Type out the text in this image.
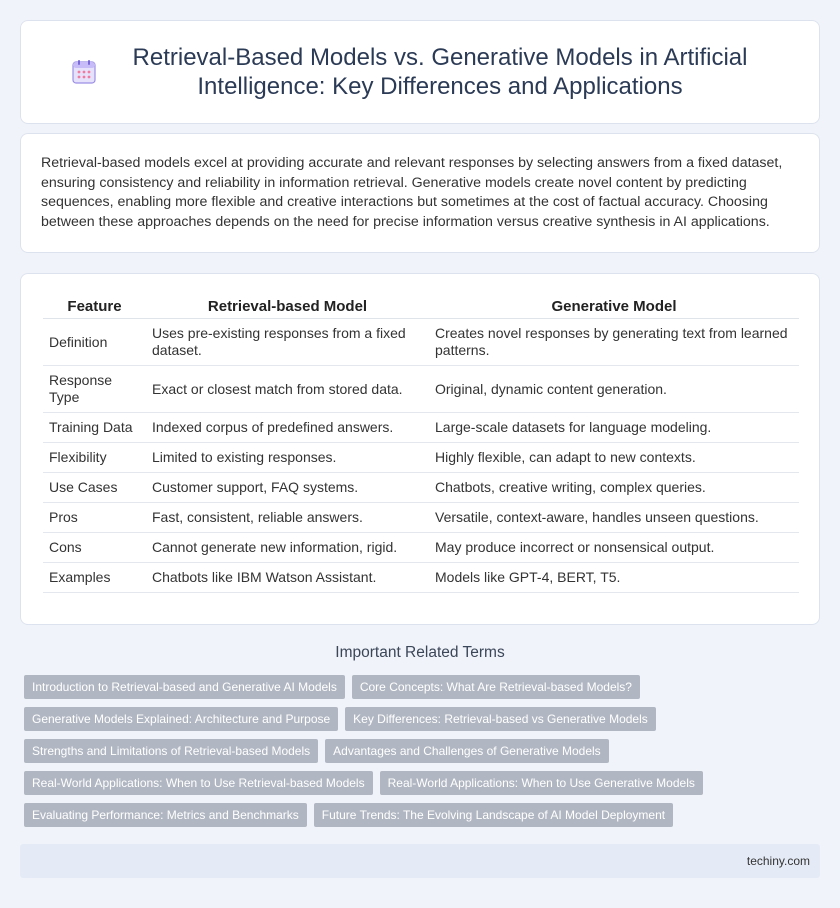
Retrieval-Based Models vs. Generative Models in Artificial Intelligence: Key Differences and Applications

Retrieval-based models excel at providing accurate and relevant responses by selecting answers from a fixed dataset, ensuring consistency and reliability in information retrieval. Generative models create novel content by predicting sequences, enabling more flexible and creative interactions but sometimes at the cost of factual accuracy. Choosing between these approaches depends on the need for precise information versus creative synthesis in AI applications.

Feature	Retrieval-based Model	Generative Model
Definition	Uses pre-existing responses from a fixed dataset.	Creates novel responses by generating text from learned patterns.
Response Type	Exact or closest match from stored data.	Original, dynamic content generation.
Training Data	Indexed corpus of predefined answers.	Large-scale datasets for language modeling.
Flexibility	Limited to existing responses.	Highly flexible, can adapt to new contexts.
Use Cases	Customer support, FAQ systems.	Chatbots, creative writing, complex queries.
Pros	Fast, consistent, reliable answers.	Versatile, context-aware, handles unseen questions.
Cons	Cannot generate new information, rigid.	May produce incorrect or nonsensical output.
Examples	Chatbots like IBM Watson Assistant.	Models like GPT-4, BERT, T5.
Important Related Terms
Introduction to Retrieval-based and Generative AI Models	Core Concepts: What Are Retrieval-based Models?
Generative Models Explained: Architecture and Purpose	Key Differences: Retrieval-based vs Generative Models
Strengths and Limitations of Retrieval-based Models	Advantages and Challenges of Generative Models
Real-World Applications: When to Use Retrieval-based Models	Real-World Applications: When to Use Generative Models
Evaluating Performance: Metrics and Benchmarks	Future Trends: The Evolving Landscape of AI Model Deployment
techiny.com
